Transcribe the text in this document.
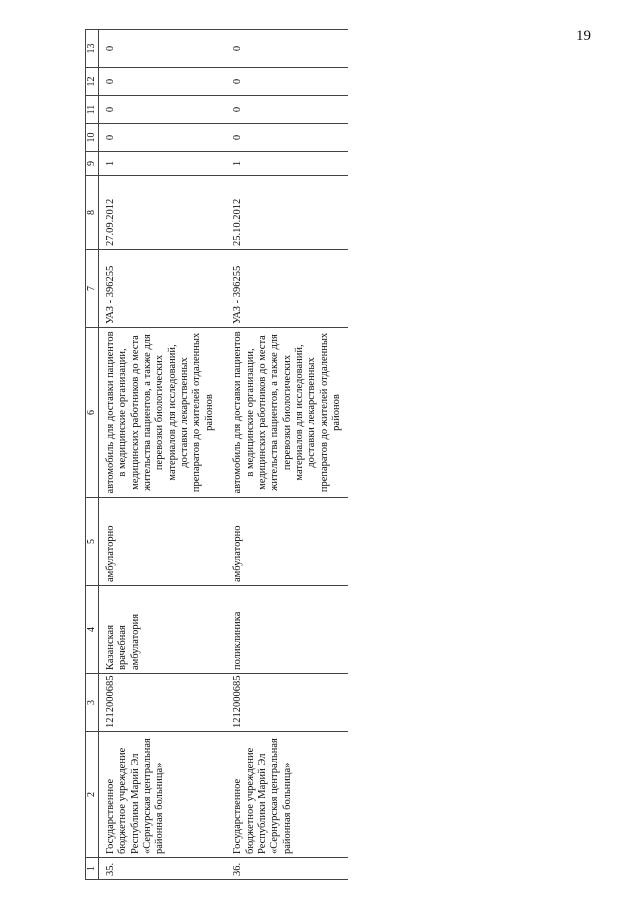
19
1	2	3	4	5	6	7	8	9	10	11	12	13
35.	Государственное бюджетное учреждение Республики Марий Эл «Сернурская центральная районная больница»	1212000685	Казанская врачебная амбулатория	амбулаторно	автомобиль для доставки пациентов в медицинские организации, медицинских работников до места жительства пациентов, а также для перевозки биологических материалов для исследований, доставки лекарственных препаратов до жителей отдаленных районов	УАЗ - 396255	27.09.2012	1	0	0	0	0
36.	Государственное бюджетное учреждение Республики Марий Эл «Сернурская центральная районная больница»	1212000685	поликлиника	амбулаторно	автомобиль для доставки пациентов в медицинские организации, медицинских работников до места жительства пациентов, а также для перевозки биологических материалов для исследований, доставки лекарственных препаратов до жителей отдаленных районов	УАЗ - 396255	25.10.2012	1	0	0	0	0
